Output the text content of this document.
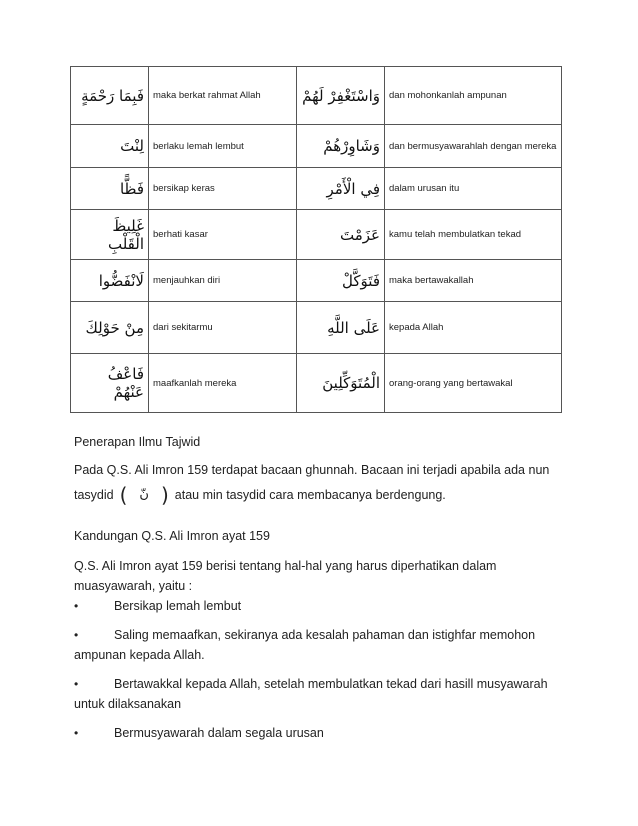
فَبِمَا رَحْمَةٍ	maka berkat rahmat Allah	وَاسْتَغْفِرْ لَهُمْ	dan mohonkanlah ampunan
لِنْتَ	berlaku lemah lembut	وَشَاوِرْهُمْ	dan bermusyawarahlah dengan mereka
فَظًّا	bersikap keras	فِي الْأَمْرِ	dalam urusan itu
غَلِيظَ الْقَلْبِ	berhati kasar	عَزَمْتَ	kamu telah membulatkan tekad
لَانْفَضُّوا	menjauhkan diri	فَتَوَكَّلْ	maka bertawakallah
مِنْ حَوْلِكَ	dari sekitarmu	عَلَى اللَّهِ	kepada Allah
فَاعْفُ عَنْهُمْ	maafkanlah mereka	الْمُتَوَكِّلِينَ	orang-orang yang bertawakal
Penerapan Ilmu Tajwid
Pada Q.S. Ali Imron 159 terdapat bacaan ghunnah. Bacaan ini terjadi apabila ada nun
tasydid ( نّ ) atau min tasydid cara membacanya berdengung.
Kandungan Q.S. Ali Imron ayat 159
Q.S. Ali Imron ayat 159 berisi tentang hal-hal yang harus diperhatikan dalam muasyawarah, yaitu :
•	Bersikap lemah lembut
•	Saling memaafkan, sekiranya ada kesalah pahaman dan istighfar memohon ampunan kepada Allah.
•	Bertawakkal kepada Allah, setelah membulatkan tekad dari hasill musyawarah untuk dilaksanakan
•	Bermusyawarah dalam segala urusan
